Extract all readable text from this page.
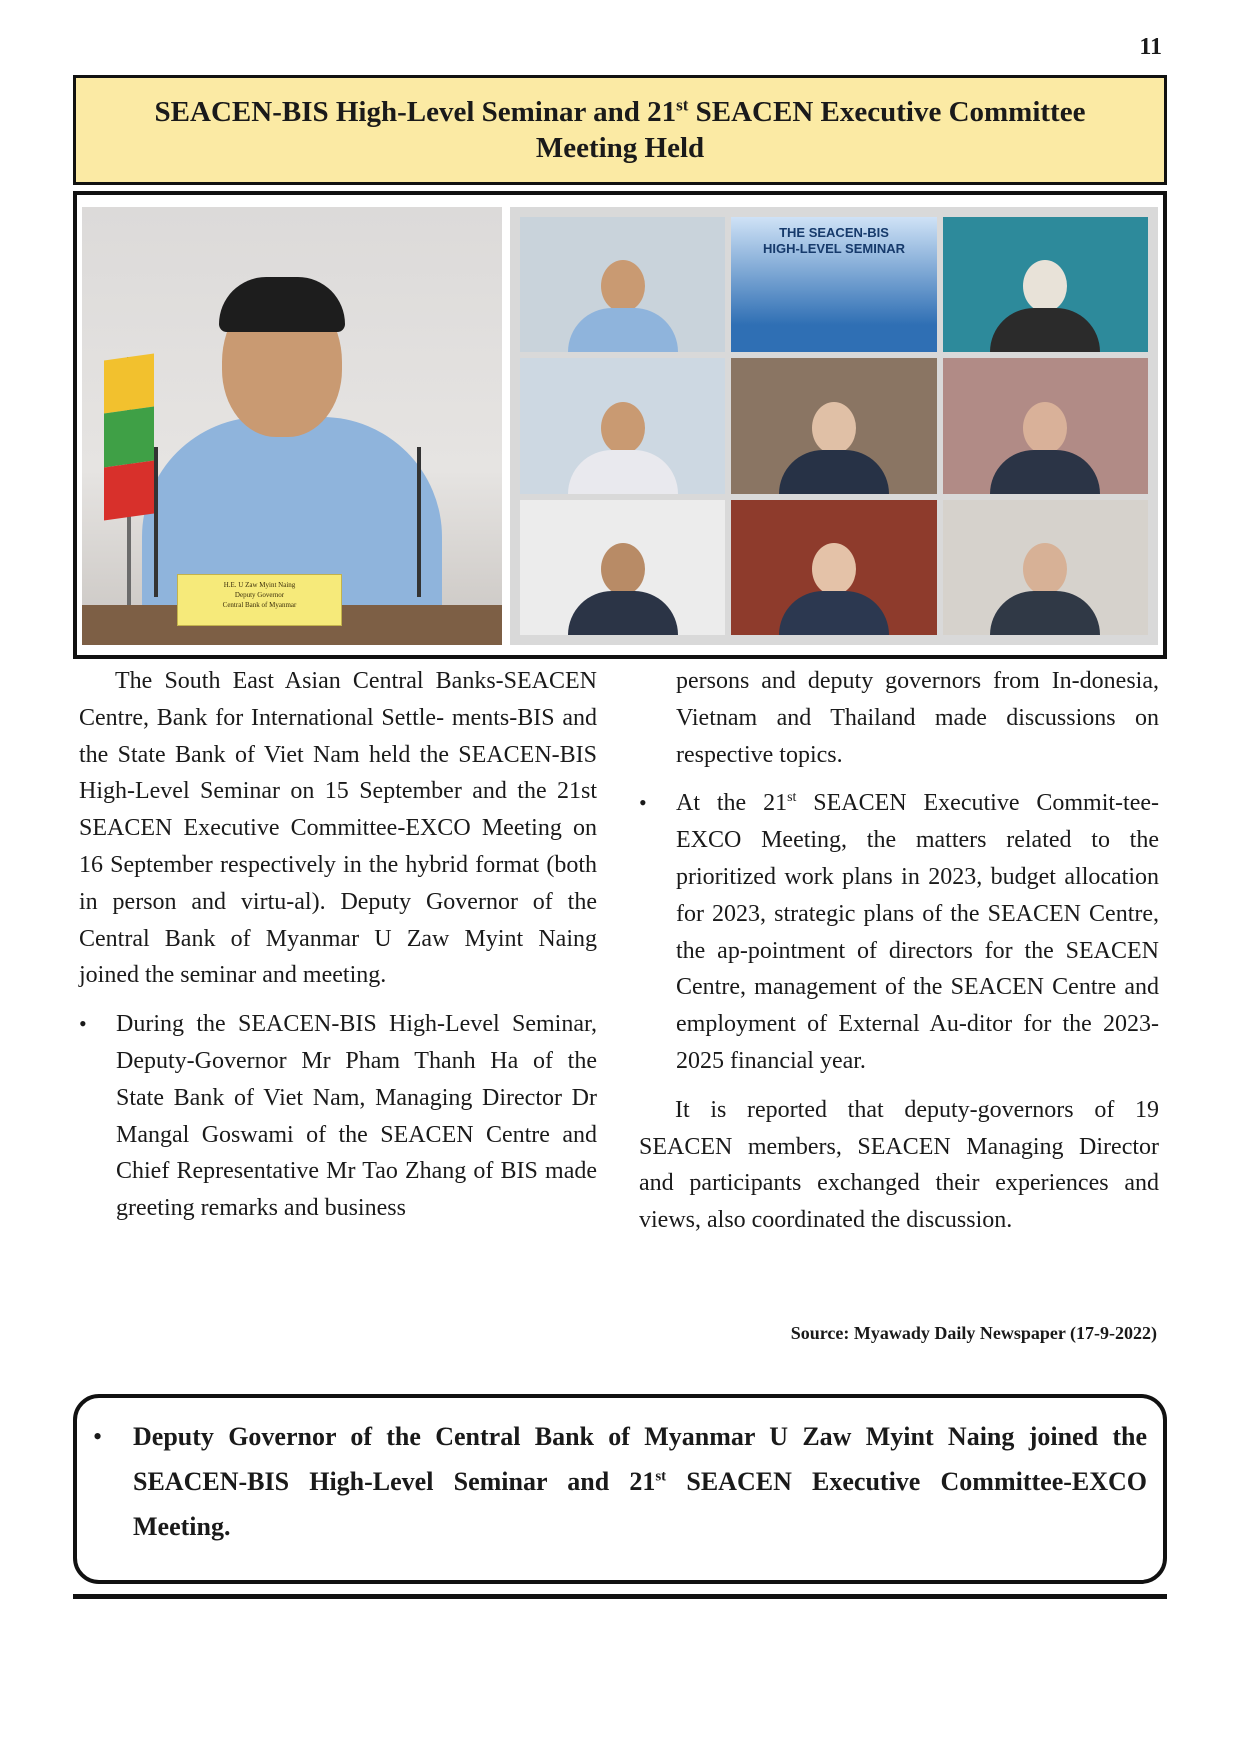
11
SEACEN-BIS High-Level Seminar and 21st SEACEN Executive Committee
Meeting Held
H.E. U Zaw Myint Naing
Deputy Governor
Central Bank of Myanmar
THE SEACEN-BIS
HIGH-LEVEL SEMINAR

The South East Asian Central Banks-SEACEN Centre, Bank for International Settle- ments-BIS and the State Bank of Viet Nam held the SEACEN-BIS High-Level Seminar on 15 September and the 21st SEACEN Executive Committee-EXCO Meeting on 16 September respectively in the hybrid format (both in person and virtu-al). Deputy Governor of the Central Bank of Myanmar U Zaw Myint Naing joined the seminar and meeting.

• During the SEACEN-BIS High-Level Seminar, Deputy-Governor Mr Pham Thanh Ha of the State Bank of Viet Nam, Managing Director Dr Mangal Goswami of the SEACEN Centre and Chief Representative Mr Tao Zhang of BIS made greeting remarks and business

persons and deputy governors from In-donesia, Vietnam and Thailand made discussions on respective topics.

• At the 21st SEACEN Executive Commit-tee-EXCO Meeting, the matters related to the prioritized work plans in 2023, budget allocation for 2023, strategic plans of the SEACEN Centre, the ap-pointment of directors for the SEACEN Centre, management of the SEACEN Centre and employment of External Au-ditor for the 2023-2025 financial year.

It is reported that deputy-governors of 19 SEACEN members, SEACEN Managing Director and participants exchanged their experiences and views, also coordinated the discussion.

Source: Myawady Daily Newspaper (17-9-2022)
• Deputy Governor of the Central Bank of Myanmar U Zaw Myint Naing joined the SEACEN-BIS High-Level Seminar and 21st SEACEN Executive Committee-EXCO Meeting.
